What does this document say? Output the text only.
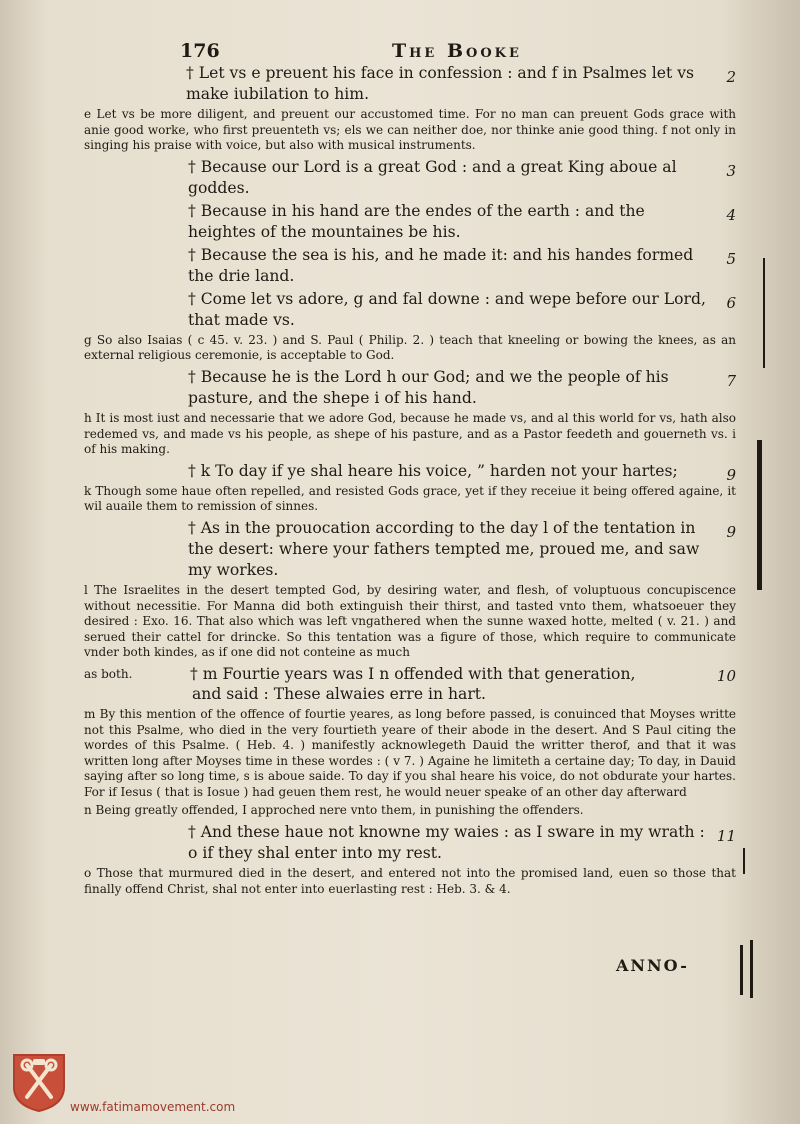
176	The Booke
† Let vs e preuent his face in confession : and f in Psalmes let vs make iubilation to him.
2
e Let vs be more diligent, and preuent our accustomed time. For no man can preuent Gods grace with anie good worke, who first preuenteth vs; els we can neither doe, nor thinke anie good thing. f not only in singing his praise with voice, but also with musical instruments.
† Because our Lord is a great God : and a great King aboue al goddes.
3
† Because in his hand are the endes of the earth : and the heightes of the mountaines be his.
4
† Because the sea is his, and he made it: and his handes formed the drie land.
5
† Come let vs adore, g and fal downe : and wepe before our Lord, that made vs.
6
g So also Isaias ( c 45. v. 23. ) and S. Paul ( Philip. 2. ) teach that kneeling or bowing the knees, as an external religious ceremonie, is acceptable to God.
† Because he is the Lord h our God; and we the people of his pasture, and the shepe i of his hand.
7
h It is most iust and necessarie that we adore God, because he made vs, and al this world for vs, hath also redemed vs, and made vs his people, as shepe of his pasture, and as a Pastor feedeth and gouerneth vs. i of his making.
† k To day if ye shal heare his voice, ” harden not your hartes;	9
k Though some haue often repelled, and resisted Gods grace, yet if they receiue it being offered againe, it wil auaile them to remission of sinnes.
† As in the prouocation according to the day l of the tentation in the desert: where your fathers tempted me, proued me, and saw my workes.
9
l The Israelites in the desert tempted God, by desiring water, and flesh, of voluptuous concupiscence without necessitie. For Manna did both extinguish their thirst, and tasted vnto them, whatsoeuer they desired : Exo. 16. That also which was left vngathered when the sunne waxed hotte, melted ( v. 21. ) and serued their cattel for drincke. So this tentation was a figure of those, which require to communicate vnder both kindes, as if one did not conteine as much
as both.	† m Fourtie years was I n offended with that generation,	10
and said : These alwaies erre in hart.
m By this mention of the offence of fourtie yeares, as long before passed, is conuinced that Moyses writte not this Psalme, who died in the very fourtieth yeare of their abode in the desert. And S Paul citing the wordes of this Psalme. ( Heb. 4. ) manifestly acknowlegeth Dauid the writter therof, and that it was written long after Moyses time in these wordes : ( v 7. ) Againe he limiteth a certaine day; To day, in Dauid saying after so long time, s is aboue saide. To day if you shal heare his voice, do not obdurate your hartes. For if Iesus ( that is Iosue ) had geuen them rest, he would neuer speake of an other day afterward
n Being greatly offended, I approched nere vnto them, in punishing the offenders.
† And these haue not knowne my waies : as I sware in my wrath : o if they shal enter into my rest.
11
o Those that murmured died in the desert, and entered not into the promised land, euen so those that finally offend Christ, shal not enter into euerlasting rest : Heb. 3. & 4.
ANNO-
www.fatimamovement.com
